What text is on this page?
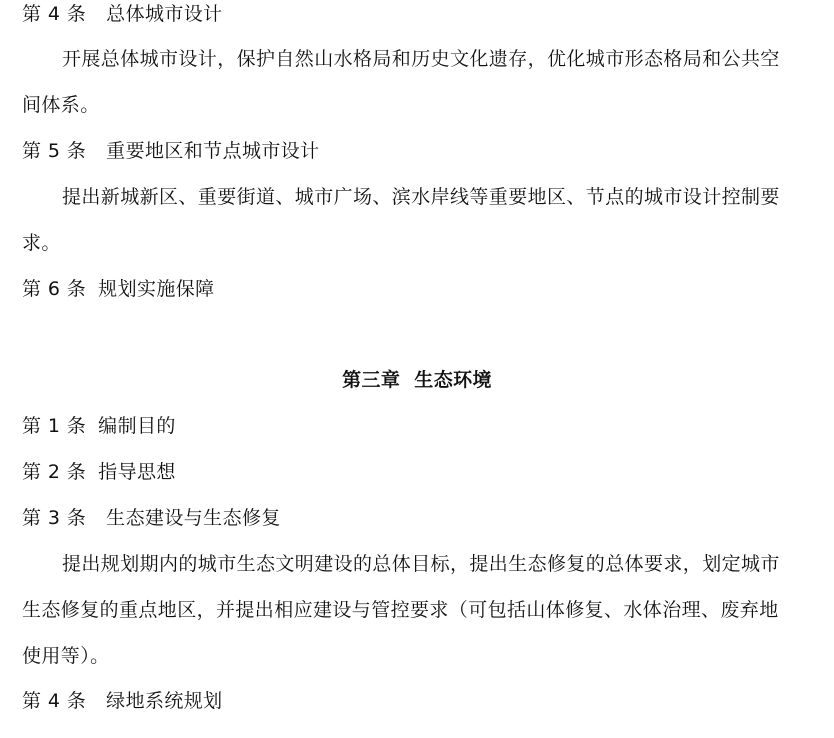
第 4 条 总体城市设计
开展总体城市设计，保护自然山水格局和历史文化遗存，优化城市形态格局和公共空
间体系。
第 5 条 重要地区和节点城市设计
提出新城新区、重要街道、城市广场、滨水岸线等重要地区、节点的城市设计控制要
求。
第 6 条 规划实施保障
第三章  生态环境
第 1 条 编制目的
第 2 条 指导思想
第 3 条 生态建设与生态修复
提出规划期内的城市生态文明建设的总体目标，提出生态修复的总体要求，划定城市
生态修复的重点地区，并提出相应建设与管控要求（可包括山体修复、水体治理、废弃地
使用等）。
第 4 条 绿地系统规划
